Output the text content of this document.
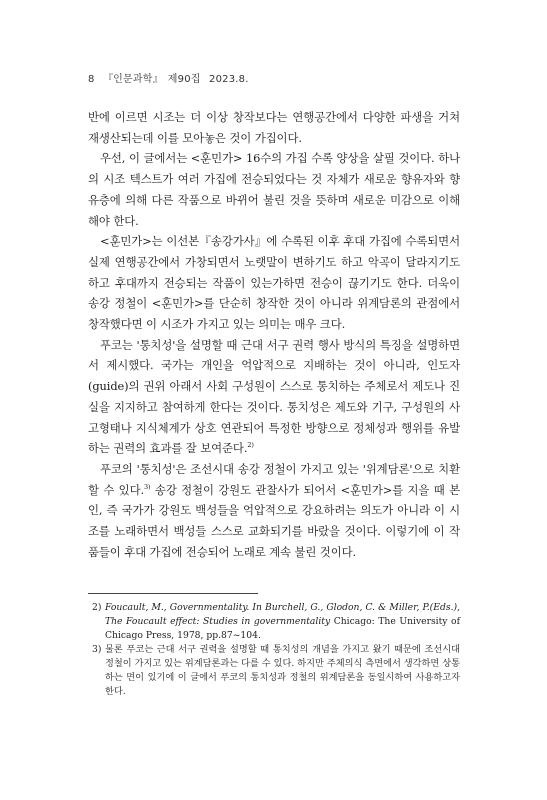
8 『인문과학』 제90집 2023.8.

반에 이르면 시조는 더 이상 창작보다는 연행공간에서 다양한 파생을 거쳐 재생산되는데 이를 모아놓은 것이 가집이다.

우선, 이 글에서는 <훈민가> 16수의 가집 수록 양상을 살필 것이다. 하나의 시조 텍스트가 여러 가집에 전승되었다는 것 자체가 새로운 향유자와 향유층에 의해 다른 작품으로 바뀌어 불린 것을 뜻하며 새로운 미감으로 이해해야 한다.

<훈민가>는 이선본『송강가사』에 수록된 이후 후대 가집에 수록되면서 실제 연행공간에서 가창되면서 노랫말이 변하기도 하고 악곡이 달라지기도 하고 후대까지 전승되는 작품이 있는가하면 전승이 끊기기도 한다. 더욱이 송강 정철이 <훈민가>를 단순히 창작한 것이 아니라 위계담론의 관점에서 창작했다면 이 시조가 가지고 있는 의미는 매우 크다.

푸코는 '통치성'을 설명할 때 근대 서구 권력 행사 방식의 특징을 설명하면서 제시했다. 국가는 개인을 억압적으로 지배하는 것이 아니라, 인도자(guide)의 권위 아래서 사회 구성원이 스스로 통치하는 주체로서 제도나 진실을 지지하고 참여하게 한다는 것이다. 통치성은 제도와 기구, 구성원의 사고형태나 지식체계가 상호 연관되어 특정한 방향으로 정체성과 행위를 유발하는 권력의 효과를 잘 보여준다.$^{2)}$

푸코의 '통치성'은 조선시대 송강 정철이 가지고 있는 '위계담론'으로 치환할 수 있다.$^{3)}$ 송강 정철이 강원도 관찰사가 되어서 <훈민가>를 지을 때 본인, 즉 국가가 강원도 백성들을 억압적으로 강요하려는 의도가 아니라 이 시조를 노래하면서 백성들 스스로 교화되기를 바랐을 것이다. 이렇기에 이 작품들이 후대 가집에 전승되어 노래로 계속 불린 것이다.

2) Foucault, M., Governmentality. In Burchell, G., Glodon, C. & Miller, P.(Eds.), The Foucault effect: Studies in governmentality Chicago: The University of Chicago Press, 1978, pp.87~104.
3) 물론 푸코는 근대 서구 권력을 설명할 때 통치성의 개념을 가지고 왔기 때문에 조선시대 정철이 가지고 있는 위계담론과는 다를 수 있다. 하지만 주체의식 측면에서 생각하면 상통하는 면이 있기에 이 글에서 푸코의 통치성과 정철의 위계담론을 동일시하여 사용하고자 한다.
